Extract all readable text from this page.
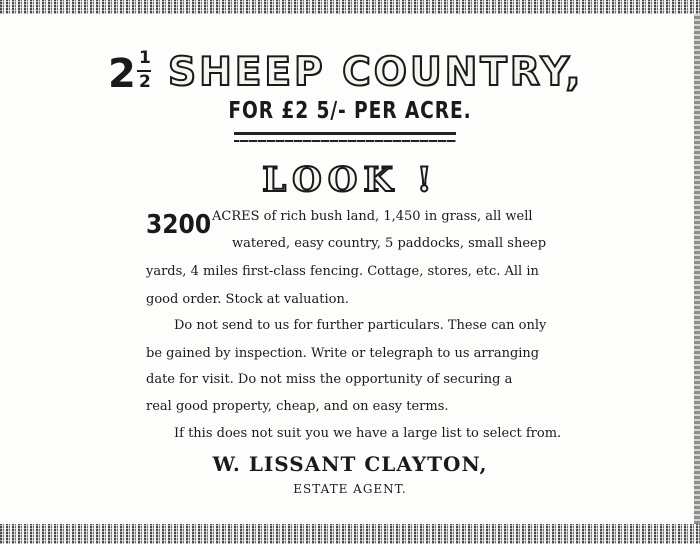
2 1
2 SHEEP COUNTRY,
FOR £2 5/- PER ACRE.
LOOK !
3200 ACRES of rich bush land, 1,450 in grass, all well
watered, easy country, 5 paddocks, small sheep
yards, 4 miles first-class fencing. Cottage, stores, etc. All in
good order. Stock at valuation.
Do not send to us for further particulars. These can only
be gained by inspection. Write or telegraph to us arranging
date for visit. Do not miss the opportunity of securing a
real good property, cheap, and on easy terms.
If this does not suit you we have a large list to select from.
W. LISSANT CLAYTON,
ESTATE AGENT.
